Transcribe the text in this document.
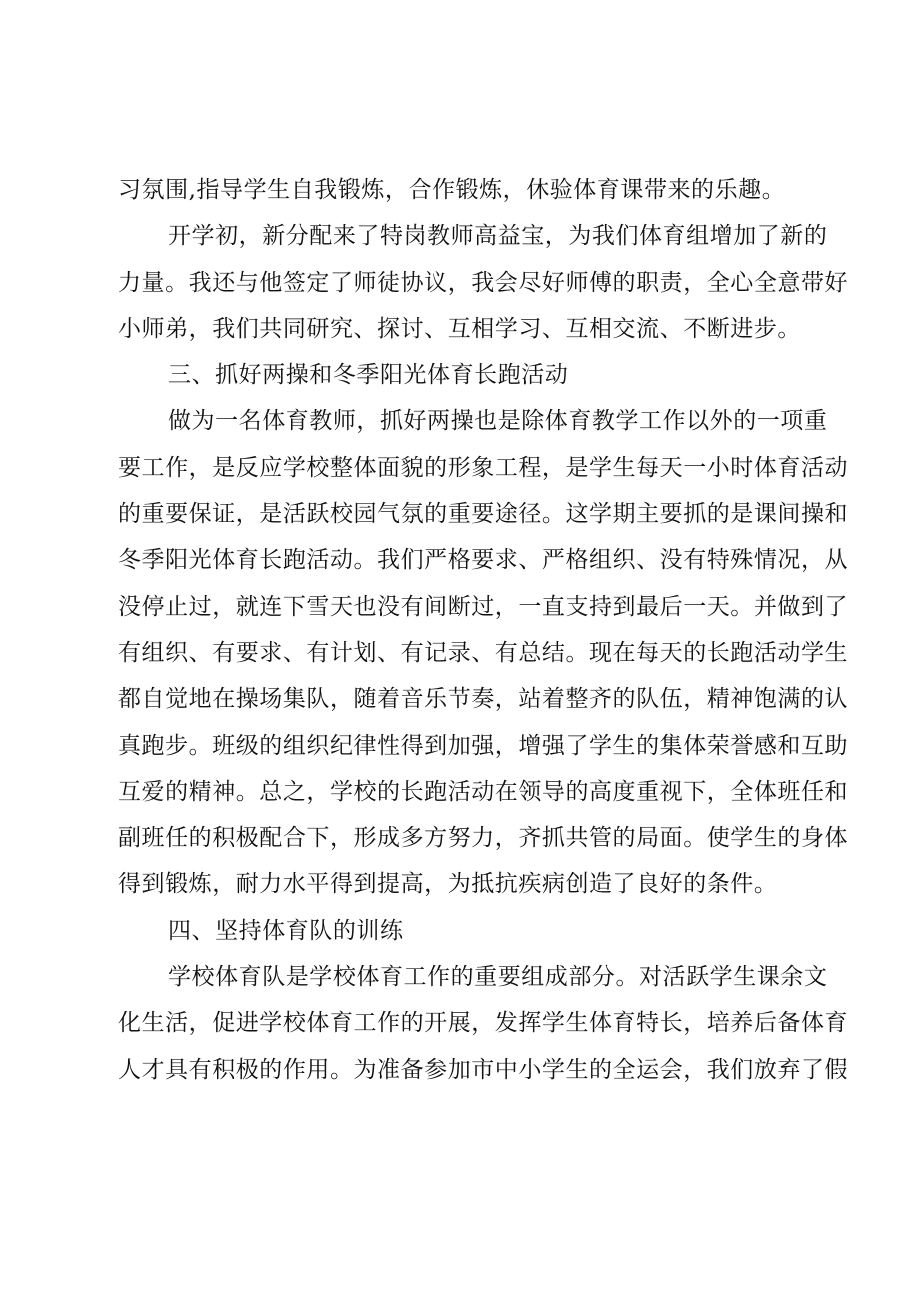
习氛围,指导学生自我锻炼，合作锻炼，休验体育课带来的乐趣。
开学初，新分配来了特岗教师高益宝，为我们体育组增加了新的
力量。我还与他签定了师徒协议，我会尽好师傅的职责，全心全意带好
小师弟，我们共同研究、探讨、互相学习、互相交流、不断进步。
三、抓好两操和冬季阳光体育长跑活动
做为一名体育教师，抓好两操也是除体育教学工作以外的一项重
要工作，是反应学校整体面貌的形象工程，是学生每天一小时体育活动
的重要保证，是活跃校园气氛的重要途径。这学期主要抓的是课间操和
冬季阳光体育长跑活动。我们严格要求、严格组织、没有特殊情况，从
没停止过，就连下雪天也没有间断过，一直支持到最后一天。并做到了
有组织、有要求、有计划、有记录、有总结。现在每天的长跑活动学生
都自觉地在操场集队，随着音乐节奏，站着整齐的队伍，精神饱满的认
真跑步。班级的组织纪律性得到加强，增强了学生的集体荣誉感和互助
互爱的精神。总之，学校的长跑活动在领导的高度重视下，全体班任和
副班任的积极配合下，形成多方努力，齐抓共管的局面。使学生的身体
得到锻炼，耐力水平得到提高，为抵抗疾病创造了良好的条件。
四、坚持体育队的训练
学校体育队是学校体育工作的重要组成部分。对活跃学生课余文
化生活，促进学校体育工作的开展，发挥学生体育特长，培养后备体育
人才具有积极的作用。为准备参加市中小学生的全运会，我们放弃了假
